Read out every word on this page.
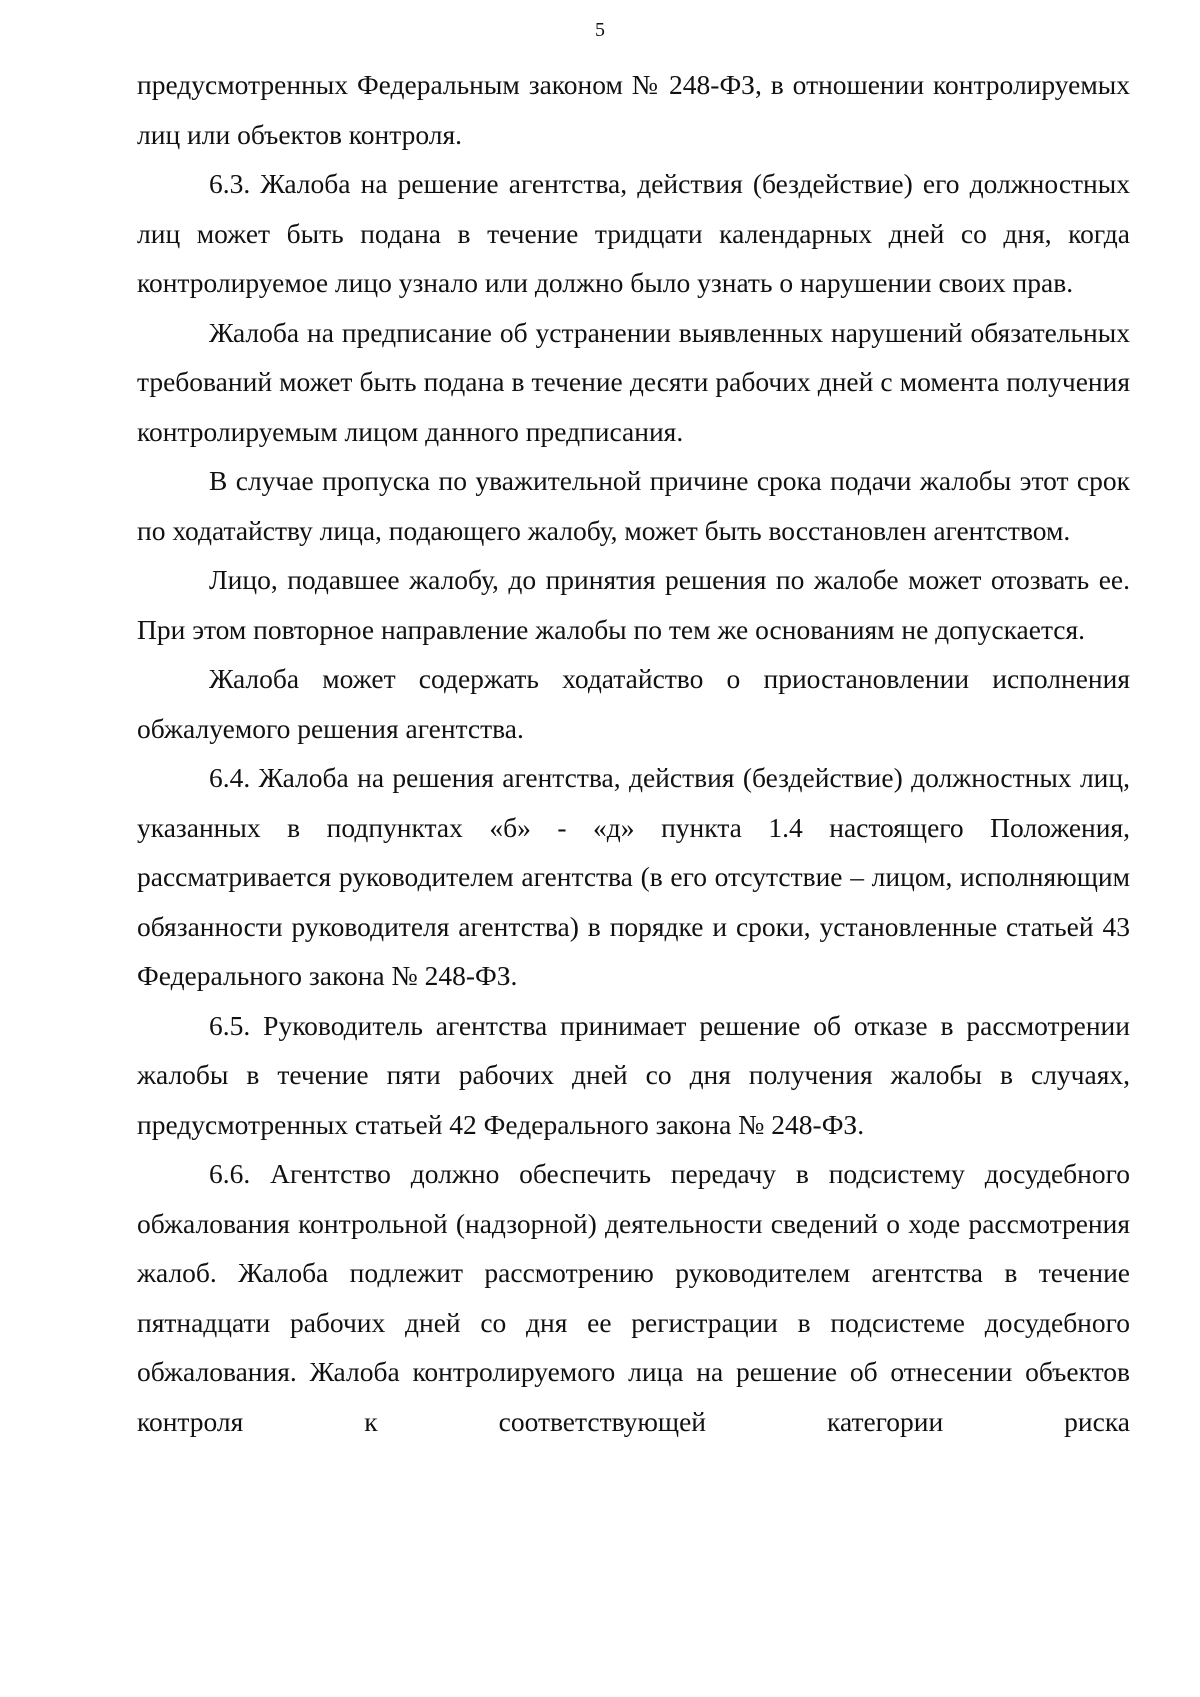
5

предусмотренных Федеральным законом № 248-ФЗ, в отношении контролируемых лиц или объектов контроля.

6.3. Жалоба на решение агентства, действия (бездействие) его должностных лиц может быть подана в течение тридцати календарных дней со дня, когда контролируемое лицо узнало или должно было узнать о нарушении своих прав.

Жалоба на предписание об устранении выявленных нарушений обязательных требований может быть подана в течение десяти рабочих дней с момента получения контролируемым лицом данного предписания.

В случае пропуска по уважительной причине срока подачи жалобы этот срок по ходатайству лица, подающего жалобу, может быть восстановлен агентством.

Лицо, подавшее жалобу, до принятия решения по жалобе может отозвать ее. При этом повторное направление жалобы по тем же основаниям не допускается.

Жалоба может содержать ходатайство о приостановлении исполнения обжалуемого решения агентства.

6.4. Жалоба на решения агентства, действия (бездействие) должностных лиц, указанных в подпунктах «б» - «д» пункта 1.4 настоящего Положения, рассматривается руководителем агентства (в его отсутствие – лицом, исполняющим обязанности руководителя агентства) в порядке и сроки, установленные статьей 43 Федерального закона № 248-ФЗ.

6.5. Руководитель агентства принимает решение об отказе в рассмотрении жалобы в течение пяти рабочих дней со дня получения жалобы в случаях, предусмотренных статьей 42 Федерального закона № 248-ФЗ.

6.6. Агентство должно обеспечить передачу в подсистему досудебного обжалования контрольной (надзорной) деятельности сведений о ходе рассмотрения жалоб. Жалоба подлежит рассмотрению руководителем агентства в течение пятнадцати рабочих дней со дня ее регистрации в подсистеме досудебного обжалования. Жалоба контролируемого лица на решение об отнесении объектов контроля к соответствующей категории риска
